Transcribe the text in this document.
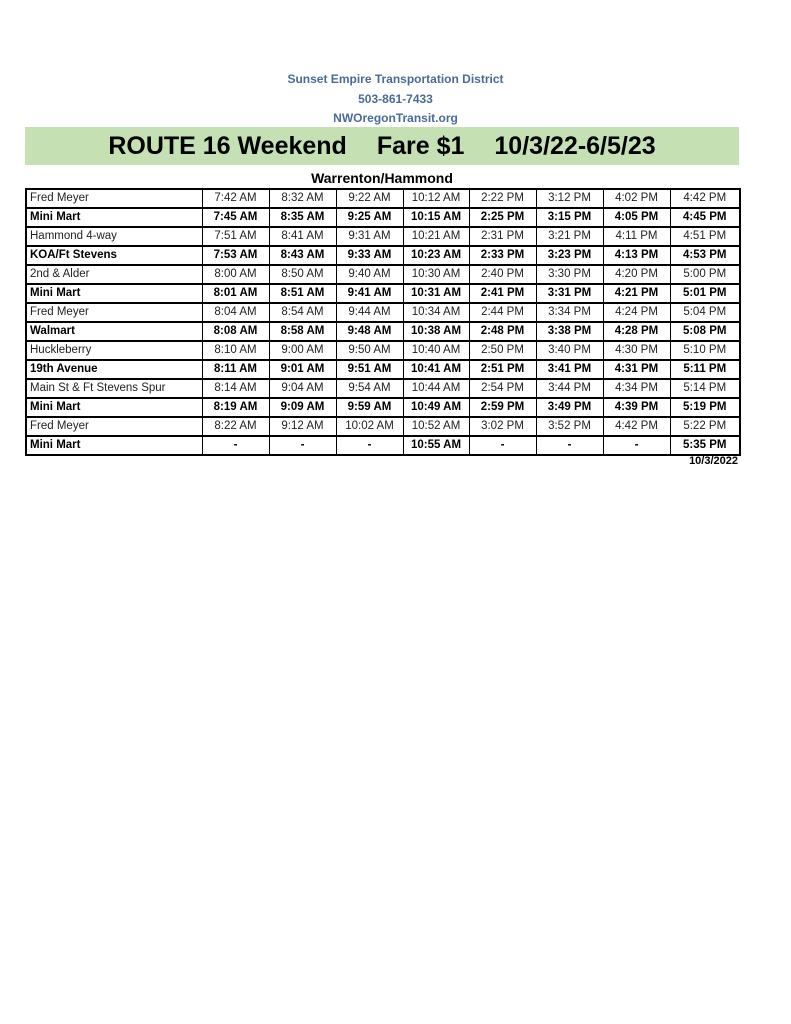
Sunset Empire Transportation District
503-861-7433
NWOregonTransit.org
ROUTE 16 Weekend Fare $1 10/3/22-6/5/23
Warrenton/Hammond
Fred Meyer	7:42 AM	8:32 AM	9:22 AM	10:12 AM	2:22 PM	3:12 PM	4:02 PM	4:42 PM
Mini Mart	7:45 AM	8:35 AM	9:25 AM	10:15 AM	2:25 PM	3:15 PM	4:05 PM	4:45 PM
Hammond 4-way	7:51 AM	8:41 AM	9:31 AM	10:21 AM	2:31 PM	3:21 PM	4:11 PM	4:51 PM
KOA/Ft Stevens	7:53 AM	8:43 AM	9:33 AM	10:23 AM	2:33 PM	3:23 PM	4:13 PM	4:53 PM
2nd & Alder	8:00 AM	8:50 AM	9:40 AM	10:30 AM	2:40 PM	3:30 PM	4:20 PM	5:00 PM
Mini Mart	8:01 AM	8:51 AM	9:41 AM	10:31 AM	2:41 PM	3:31 PM	4:21 PM	5:01 PM
Fred Meyer	8:04 AM	8:54 AM	9:44 AM	10:34 AM	2:44 PM	3:34 PM	4:24 PM	5:04 PM
Walmart	8:08 AM	8:58 AM	9:48 AM	10:38 AM	2:48 PM	3:38 PM	4:28 PM	5:08 PM
Huckleberry	8:10 AM	9:00 AM	9:50 AM	10:40 AM	2:50 PM	3:40 PM	4:30 PM	5:10 PM
19th Avenue	8:11 AM	9:01 AM	9:51 AM	10:41 AM	2:51 PM	3:41 PM	4:31 PM	5:11 PM
Main St & Ft Stevens Spur	8:14 AM	9:04 AM	9:54 AM	10:44 AM	2:54 PM	3:44 PM	4:34 PM	5:14 PM
Mini Mart	8:19 AM	9:09 AM	9:59 AM	10:49 AM	2:59 PM	3:49 PM	4:39 PM	5:19 PM
Fred Meyer	8:22 AM	9:12 AM	10:02 AM	10:52 AM	3:02 PM	3:52 PM	4:42 PM	5:22 PM
Mini Mart	-	-	-	10:55 AM	-	-	-	5:35 PM
10/3/2022
